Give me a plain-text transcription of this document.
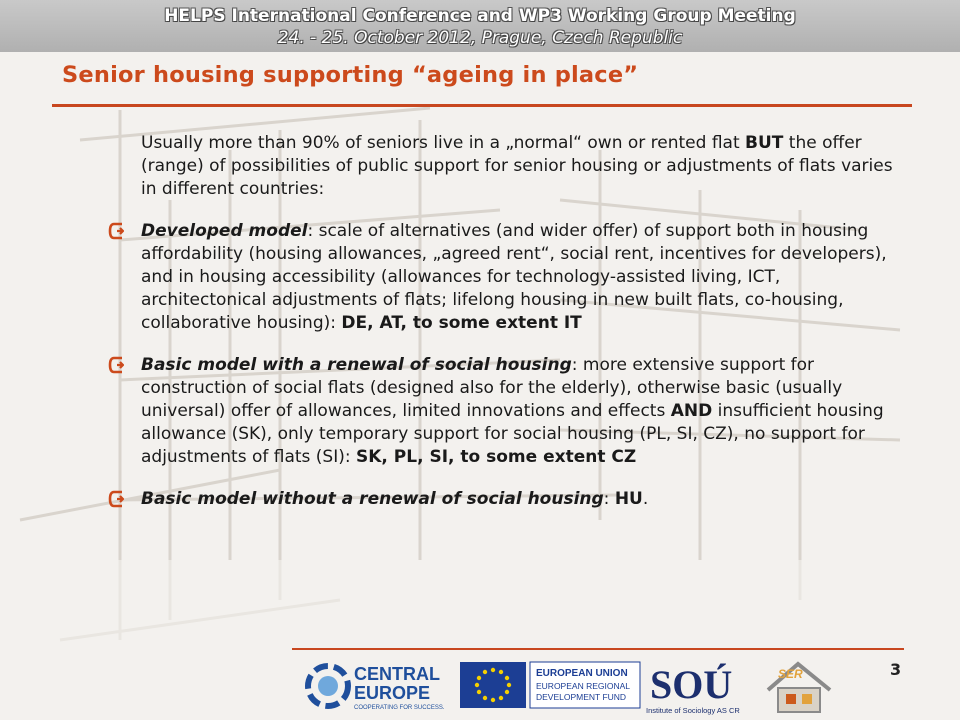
HELPS International Conference and WP3 Working Group Meeting
24. - 25. October 2012, Prague, Czech Republic
Senior housing supporting “ageing in place”

Usually more than 90% of seniors live in a „normal“ own or rented flat BUT the offer (range) of possibilities of public support for senior housing or adjustments of flats varies in different countries:

Developed model: scale of alternatives (and wider offer) of support both in housing affordability (housing allowances, „agreed rent“, social rent, incentives for developers), and in housing accessibility (allowances for technology-assisted living, ICT, architectonical adjustments of flats; lifelong housing in new built flats, co-housing, collaborative housing): DE, AT, to some extent IT
Basic model with a renewal of social housing: more extensive support for construction of social flats (designed also for the elderly), otherwise basic (usually universal) offer of allowances, limited innovations and effects AND insufficient housing allowance (SK), only temporary support for social housing (PL, SI, CZ), no support for adjustments of flats (SI): SK, PL, SI, to some extent CZ
Basic model without a renewal of social housing: HU.
CENTRAL
EUROPE
COOPERATING FOR SUCCESS.
EUROPEAN UNION
EUROPEAN REGIONAL
DEVELOPMENT FUND SOÚ
Institute of Sociology AS CR
SER	3
